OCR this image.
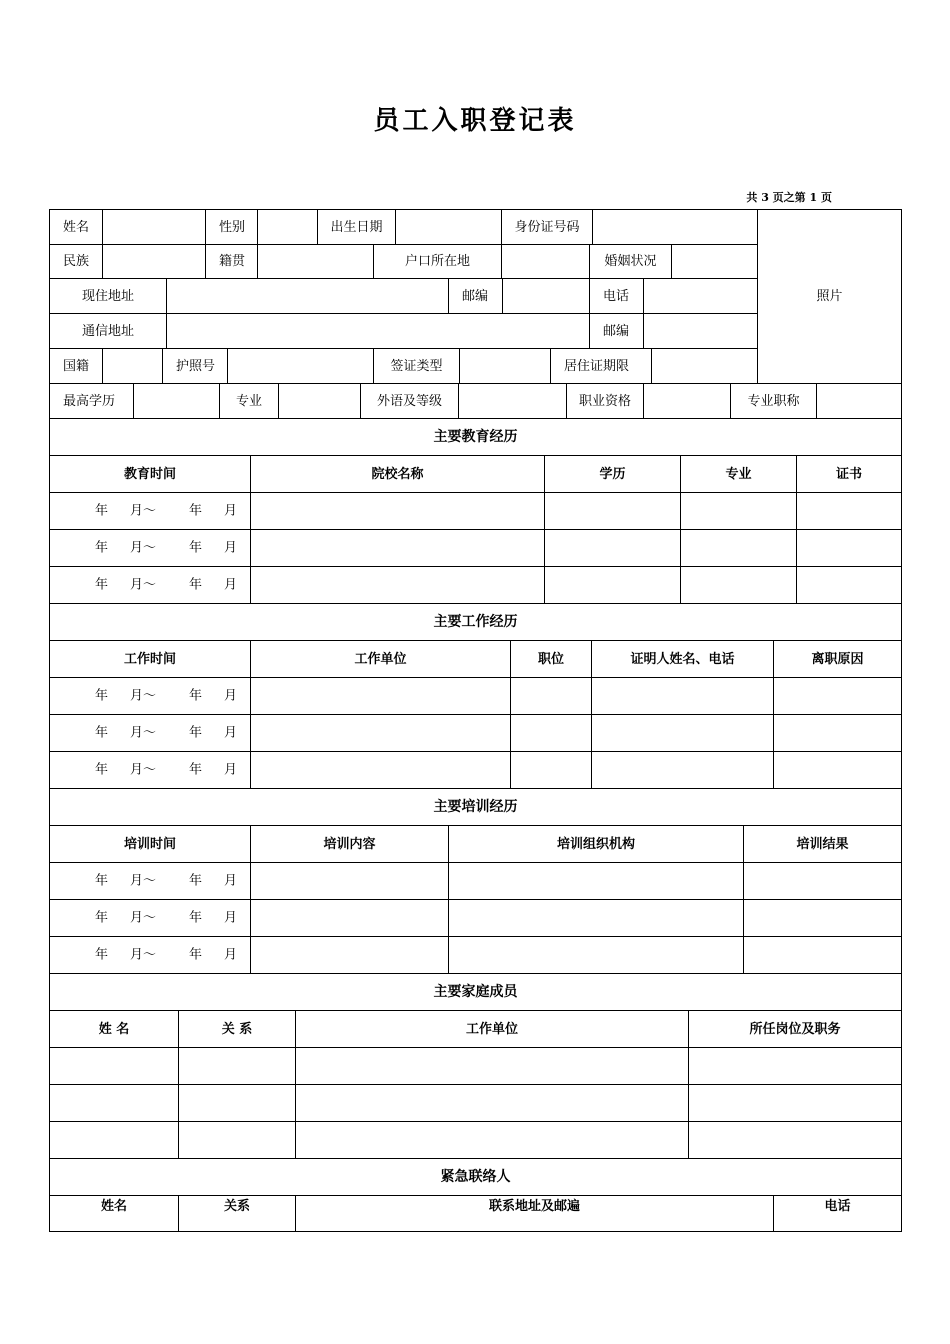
员工入职登记表
共 3 页之第 1 页
姓名	性别	出生日期	身份证号码
照片
民族	籍贯	户口所在地	婚姻状况
现住地址	邮编	电话
通信地址	邮编
国籍	护照号	签证类型	居住证期限
最高学历	专业	外语及等级	职业资格	专业职称
主要教育经历
教育时间	院校名称	学历	专业	证书
年 月～	年 月
年 月～	年 月
年 月～	年 月
主要工作经历
工作时间	工作单位	职位	证明人姓名、电话	离职原因
年 月～	年 月
年 月～	年 月
年 月～	年 月
主要培训经历
培训时间	培训内容	培训组织机构	培训结果
年 月～	年 月
年 月～	年 月
年 月～	年 月
主要家庭成员
姓 名	关 系	工作单位	所任岗位及职务
紧急联络人
姓名	关系	联系地址及邮遍	电话
